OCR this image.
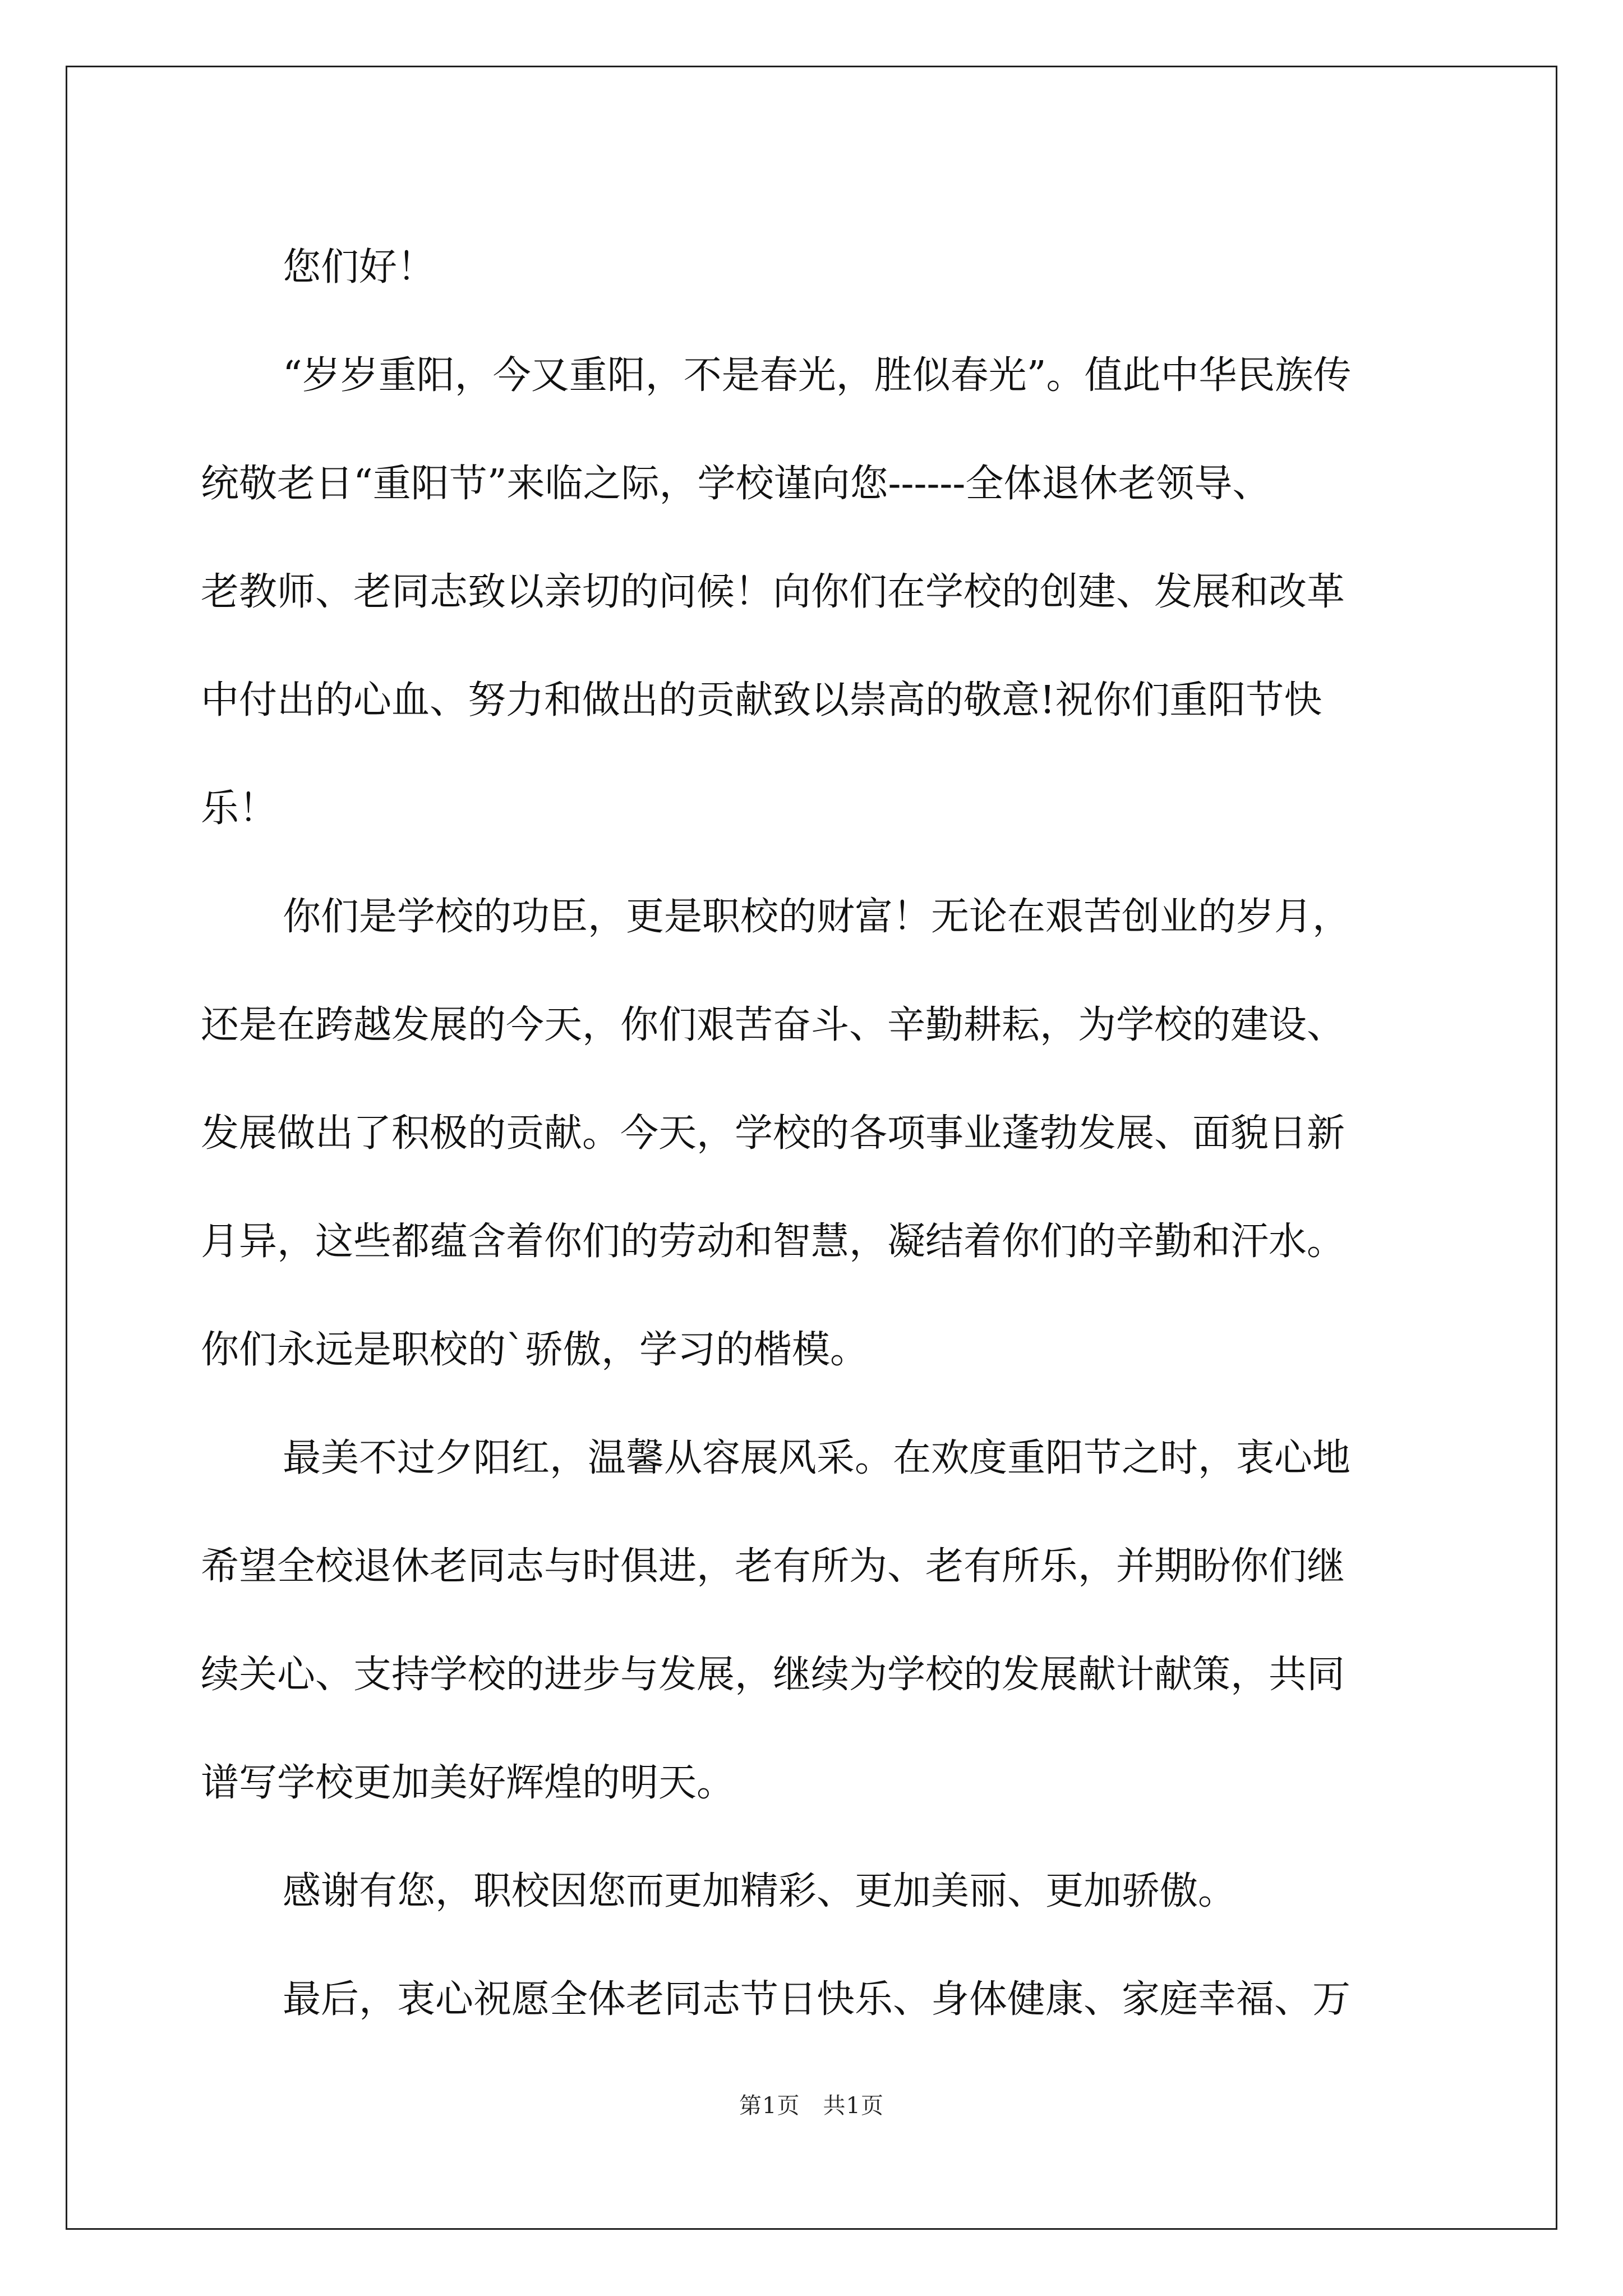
您们好！
“岁岁重阳，今又重阳，不是春光，胜似春光”。值此中华民族传
统敬老日“重阳节”来临之际，学校谨向您------全体退休老领导、
老教师、老同志致以亲切的问候！向你们在学校的创建、发展和改革
中付出的心血、努力和做出的贡献致以崇高的敬意!祝你们重阳节快
乐！
你们是学校的功臣，更是职校的财富！无论在艰苦创业的岁月，
还是在跨越发展的今天，你们艰苦奋斗、辛勤耕耘，为学校的建设、
发展做出了积极的贡献。今天，学校的各项事业蓬勃发展、面貌日新
月异，这些都蕴含着你们的劳动和智慧，凝结着你们的辛勤和汗水。
你们永远是职校的`骄傲，学习的楷模。
最美不过夕阳红，温馨从容展风采。在欢度重阳节之时，衷心地
希望全校退休老同志与时俱进，老有所为、老有所乐，并期盼你们继
续关心、支持学校的进步与发展，继续为学校的发展献计献策，共同
谱写学校更加美好辉煌的明天。
感谢有您，职校因您而更加精彩、更加美丽、更加骄傲。
最后，衷心祝愿全体老同志节日快乐、身体健康、家庭幸福、万
第1页　共1页
